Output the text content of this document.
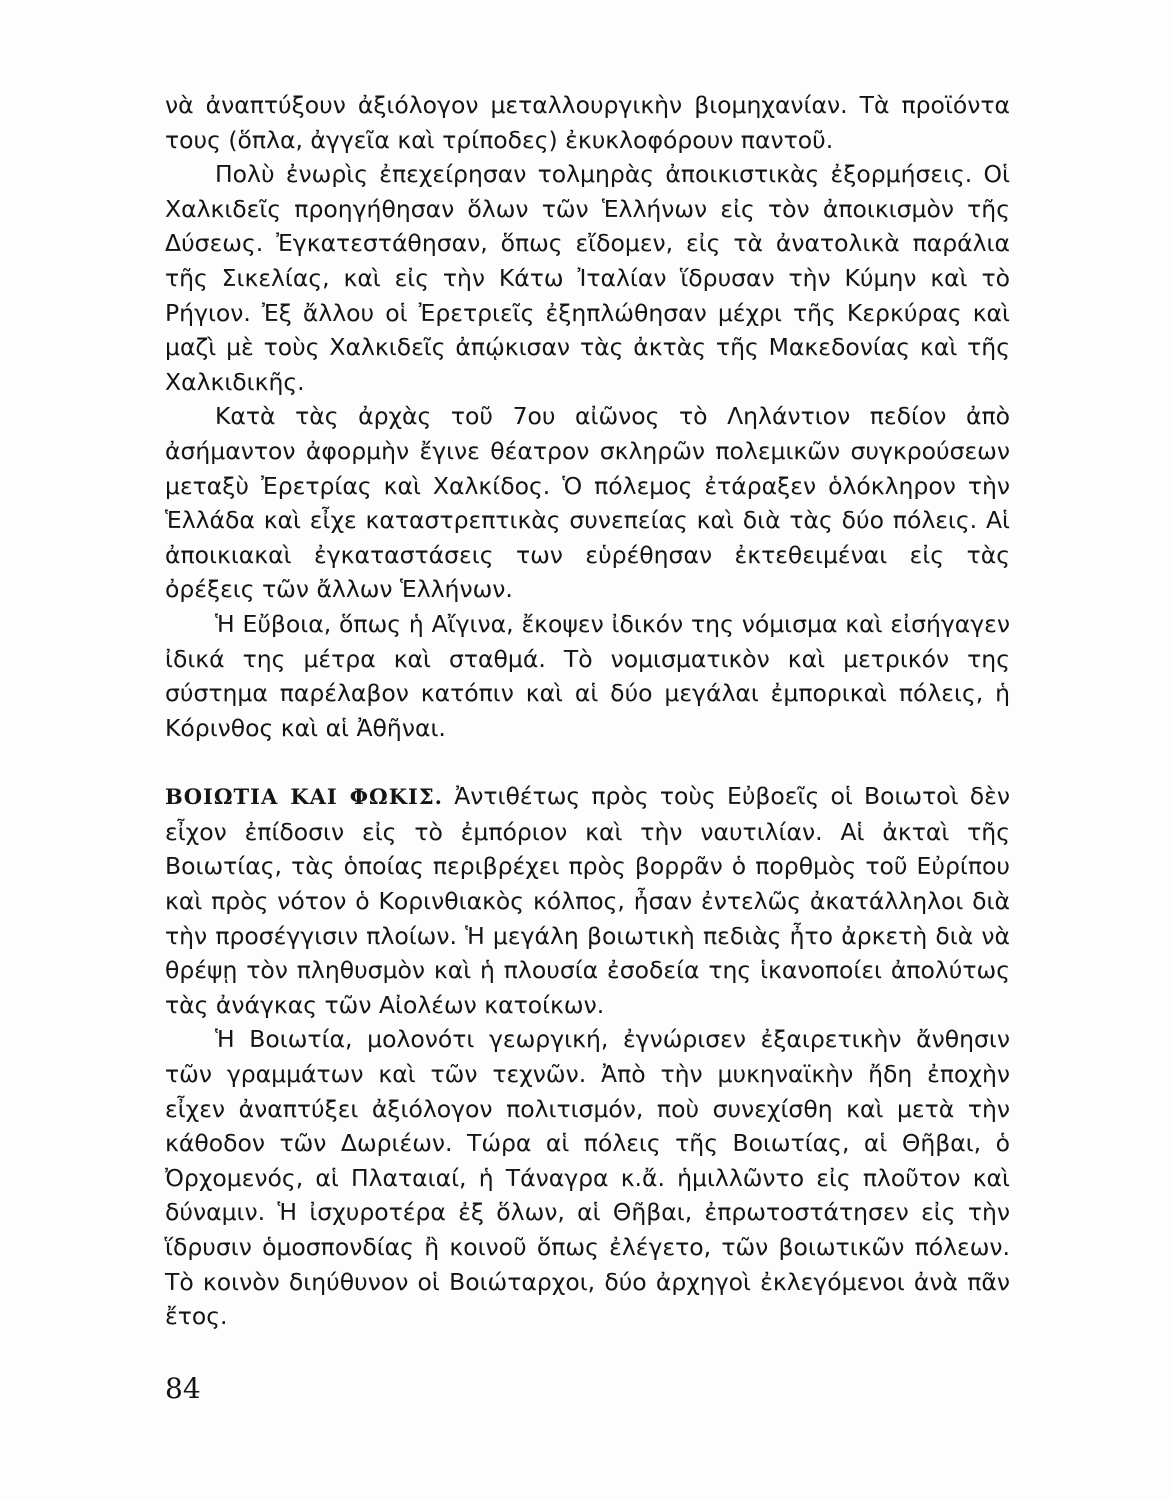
νὰ ἀναπτύξουν ἀξιόλογον μεταλλουργικὴν βιομηχανίαν. Τὰ προϊόντα τους (ὅπλα, ἀγγεῖα καὶ τρίποδες) ἐκυκλοφόρουν παντοῦ.

Πολὺ ἐνωρὶς ἐπεχείρησαν τολμηρὰς ἀποικιστικὰς ἐξορμήσεις. Οἱ Χαλκιδεῖς προηγήθησαν ὅλων τῶν Ἑλλήνων εἰς τὸν ἀποικισμὸν τῆς Δύσεως. Ἐγκατεστάθησαν, ὅπως εἴδομεν, εἰς τὰ ἀνατολικὰ παράλια τῆς Σικελίας, καὶ εἰς τὴν Κάτω Ἰταλίαν ἵδρυσαν τὴν Κύμην καὶ τὸ Ρήγιον. Ἐξ ἄλλου οἱ Ἐρετριεῖς ἐξηπλώθησαν μέχρι τῆς Κερκύρας καὶ μαζὶ μὲ τοὺς Χαλκιδεῖς ἀπῴκισαν τὰς ἀκτὰς τῆς Μακεδονίας καὶ τῆς Χαλκιδικῆς.

Κατὰ τὰς ἀρχὰς τοῦ 7ου αἰῶνος τὸ Ληλάντιον πεδίον ἀπὸ ἀσήμαντον ἀφορμὴν ἔγινε θέατρον σκληρῶν πολεμικῶν συγκρούσεων μεταξὺ Ἐρετρίας καὶ Χαλκίδος. Ὁ πόλεμος ἐτάραξεν ὁλόκληρον τὴν Ἑλλάδα καὶ εἶχε καταστρεπτικὰς συνεπείας καὶ διὰ τὰς δύο πόλεις. Αἱ ἀποικιακαὶ ἐγκαταστάσεις των εὑρέθησαν ἐκτεθειμέναι εἰς τὰς ὀρέξεις τῶν ἄλλων Ἑλλήνων.

Ἡ Εὔβοια, ὅπως ἡ Αἴγινα, ἔκοψεν ἰδικόν της νόμισμα καὶ εἰσήγαγεν ἰδικά της μέτρα καὶ σταθμά. Τὸ νομισματικὸν καὶ μετρικόν της σύστημα παρέλαβον κατόπιν καὶ αἱ δύο μεγάλαι ἐμπορικαὶ πόλεις, ἡ Κόρινθος καὶ αἱ Ἀθῆναι.

ΒΟΙΩΤΙΑ ΚΑΙ ΦΩΚΙΣ. Ἀντιθέτως πρὸς τοὺς Εὐβοεῖς οἱ Βοιωτοὶ δὲν εἶχον ἐπίδοσιν εἰς τὸ ἐμπόριον καὶ τὴν ναυτιλίαν. Αἱ ἀκταὶ τῆς Βοιωτίας, τὰς ὁποίας περιβρέχει πρὸς βορρᾶν ὁ πορθμὸς τοῦ Εὐρίπου καὶ πρὸς νότον ὁ Κορινθιακὸς κόλπος, ἦσαν ἐντελῶς ἀκατάλληλοι διὰ τὴν προσέγγισιν πλοίων. Ἡ μεγάλη βοιωτικὴ πεδιὰς ἦτο ἀρκετὴ διὰ νὰ θρέψῃ τὸν πληθυσμὸν καὶ ἡ πλουσία ἐσοδεία της ἱκανοποίει ἀπολύτως τὰς ἀνάγκας τῶν Αἰολέων κατοίκων.

Ἡ Βοιωτία, μολονότι γεωργική, ἐγνώρισεν ἐξαιρετικὴν ἄνθησιν τῶν γραμμάτων καὶ τῶν τεχνῶν. Ἀπὸ τὴν μυκηναϊκὴν ἤδη ἐποχὴν εἶχεν ἀναπτύξει ἀξιόλογον πολιτισμόν, ποὺ συνεχίσθη καὶ μετὰ τὴν κάθοδον τῶν Δωριέων. Τώρα αἱ πόλεις τῆς Βοιωτίας, αἱ Θῆβαι, ὁ Ὀρχομενός, αἱ Πλαταιαί, ἡ Τάναγρα κ.ἄ. ἡμιλλῶντο εἰς πλοῦτον καὶ δύναμιν. Ἡ ἰσχυροτέρα ἐξ ὅλων, αἱ Θῆβαι, ἐπρωτοστάτησεν εἰς τὴν ἵδρυσιν ὁμοσπονδίας ἢ κοινοῦ ὅπως ἐλέγετο, τῶν βοιωτικῶν πόλεων. Τὸ κοινὸν διηύθυνον οἱ Βοιώταρχοι, δύο ἀρχηγοὶ ἐκλεγόμενοι ἀνὰ πᾶν ἔτος.

84
